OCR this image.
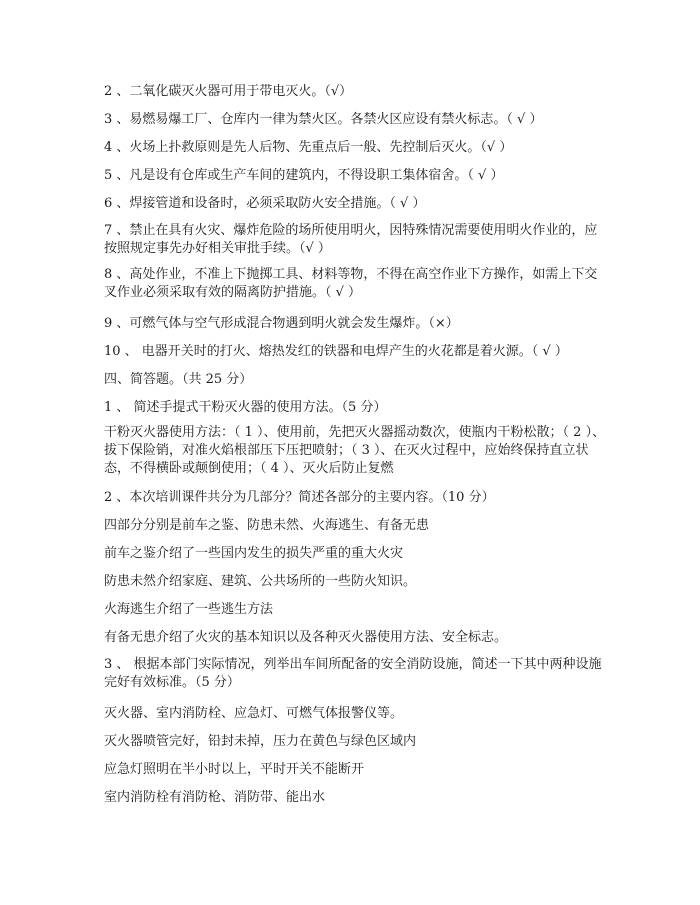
2 、二氧化碳灭火器可用于带电灭火。（√）
3 、易燃易爆工厂、仓库内一律为禁火区。各禁火区应设有禁火标志。（ √ ）
4 、火场上扑救原则是先人后物、先重点后一般、先控制后灭火。（√ ）
5 、凡是设有仓库或生产车间的建筑内，不得设职工集体宿舍。（ √ ）
6 、焊接管道和设备时，必须采取防火安全措施。（ √ ）
7 、禁止在具有火灾、爆炸危险的场所使用明火，因特殊情况需要使用明火作业的，应按照规定事先办好相关审批手续。（√ ）
8 、高处作业，不准上下抛掷工具、材料等物，不得在高空作业下方操作，如需上下交叉作业必须采取有效的隔离防护措施。（ √ ）
9 、可燃气体与空气形成混合物遇到明火就会发生爆炸。（×）
10 、 电器开关时的打火、熔热发红的铁器和电焊产生的火花都是着火源。（ √ ）
四、简答题。（共 25 分）
1 、 简述手提式干粉灭火器的使用方法。（5 分）
干粉灭火器使用方法：（ 1 ）、使用前，先把灭火器摇动数次，使瓶内干粉松散；（ 2 ）、拔下保险销，对准火焰根部压下压把喷射；（ 3 ）、在灭火过程中，应始终保持直立状态，不得横卧或颠倒使用；（ 4 ）、灭火后防止复燃
2 、本次培训课件共分为几部分？简述各部分的主要内容。（10 分）
四部分分别是前车之鉴、防患未然、火海逃生、有备无患
前车之鉴介绍了一些国内发生的损失严重的重大火灾
防患未然介绍家庭、建筑、公共场所的一些防火知识。
火海逃生介绍了一些逃生方法
有备无患介绍了火灾的基本知识以及各种灭火器使用方法、安全标志。
3 、 根据本部门实际情况，列举出车间所配备的安全消防设施，简述一下其中两种设施完好有效标准。（5 分）
灭火器、室内消防栓、应急灯、可燃气体报警仪等。
灭火器喷管完好，铅封未掉，压力在黄色与绿色区域内
应急灯照明在半小时以上，平时开关不能断开
室内消防栓有消防枪、消防带、能出水
